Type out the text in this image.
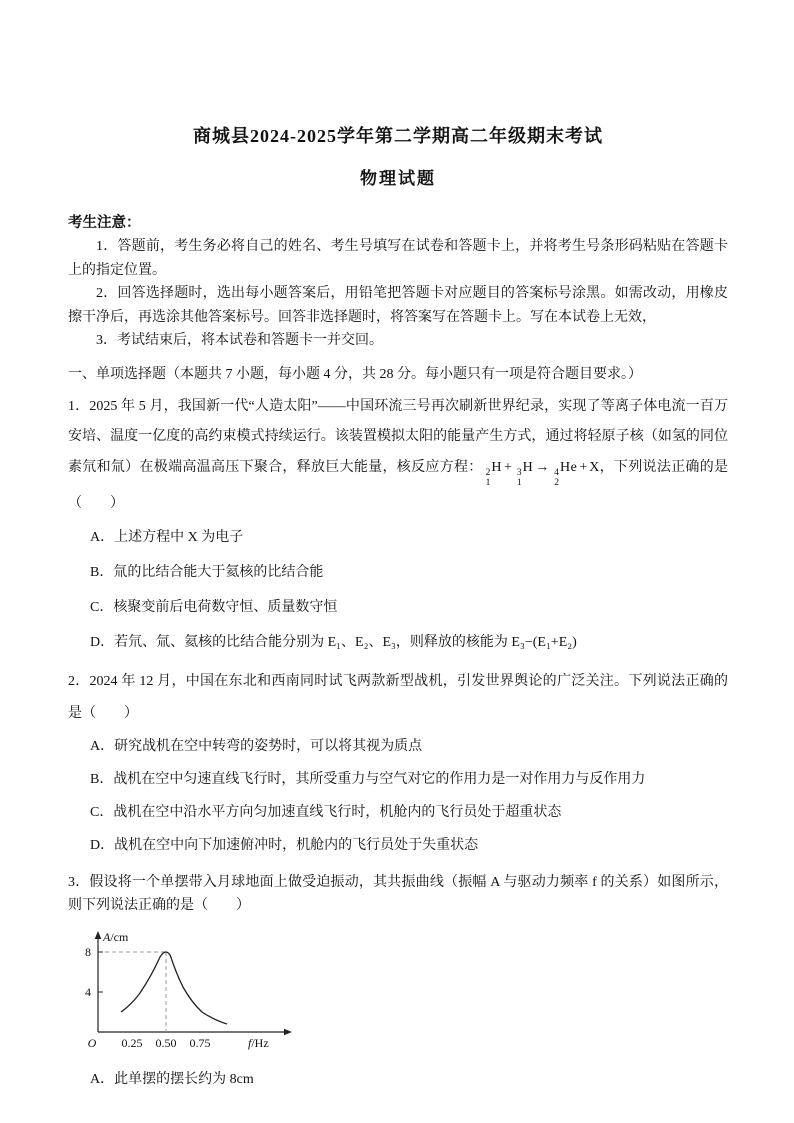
商城县2024-2025学年第二学期高二年级期末考试
物理试题

考生注意：

1．答题前，考生务必将自己的姓名、考生号填写在试卷和答题卡上，并将考生号条形码粘贴在答题卡上的指定位置。

2．回答选择题时，选出每小题答案后，用铅笔把答题卡对应题目的答案标号涂黑。如需改动，用橡皮擦干净后，再选涂其他答案标号。回答非选择题时，将答案写在答题卡上。写在本试卷上无效，

3．考试结束后，将本试卷和答题卡一并交回。

一、单项选择题（本题共 7 小题，每小题 4 分，共 28 分。每小题只有一项是符合题目要求。）

1．2025 年 5 月，我国新一代“人造太阳”——中国环流三号再次刷新世界纪录，实现了等离子体电流一百万安培、温度一亿度的高约束模式持续运行。该装置模拟太阳的能量产生方式，通过将轻原子核（如氢的同位素氘和氚）在极端高温高压下聚合，释放巨大能量，核反应方程： 2
1
H + 3
1
H → 4
2
He + X，下列说法正确的是（　　）

A．上述方程中 X 为电子

B．氚的比结合能大于氦核的比结合能

C．核聚变前后电荷数守恒、质量数守恒

D．若氘、氚、氦核的比结合能分别为 E₁、E₂、E₃，则释放的核能为 E₃−(E₁+E₂)

2．2024 年 12 月，中国在东北和西南同时试飞两款新型战机，引发世界舆论的广泛关注。下列说法正确的是（　　）

A．研究战机在空中转弯的姿势时，可以将其视为质点

B．战机在空中匀速直线飞行时，其所受重力与空气对它的作用力是一对作用力与反作用力

C．战机在空中沿水平方向匀加速直线飞行时，机舱内的飞行员处于超重状态

D．战机在空中向下加速俯冲时，机舱内的飞行员处于失重状态

3．假设将一个单摆带入月球地面上做受迫振动，其共振曲线（振幅 A 与驱动力频率 f 的关系）如图所示，则下列说法正确的是（　　）

8
4
0.25 0.50 0.75
O
A/cm
f/Hz

A．此单摆的摆长约为 8cm
